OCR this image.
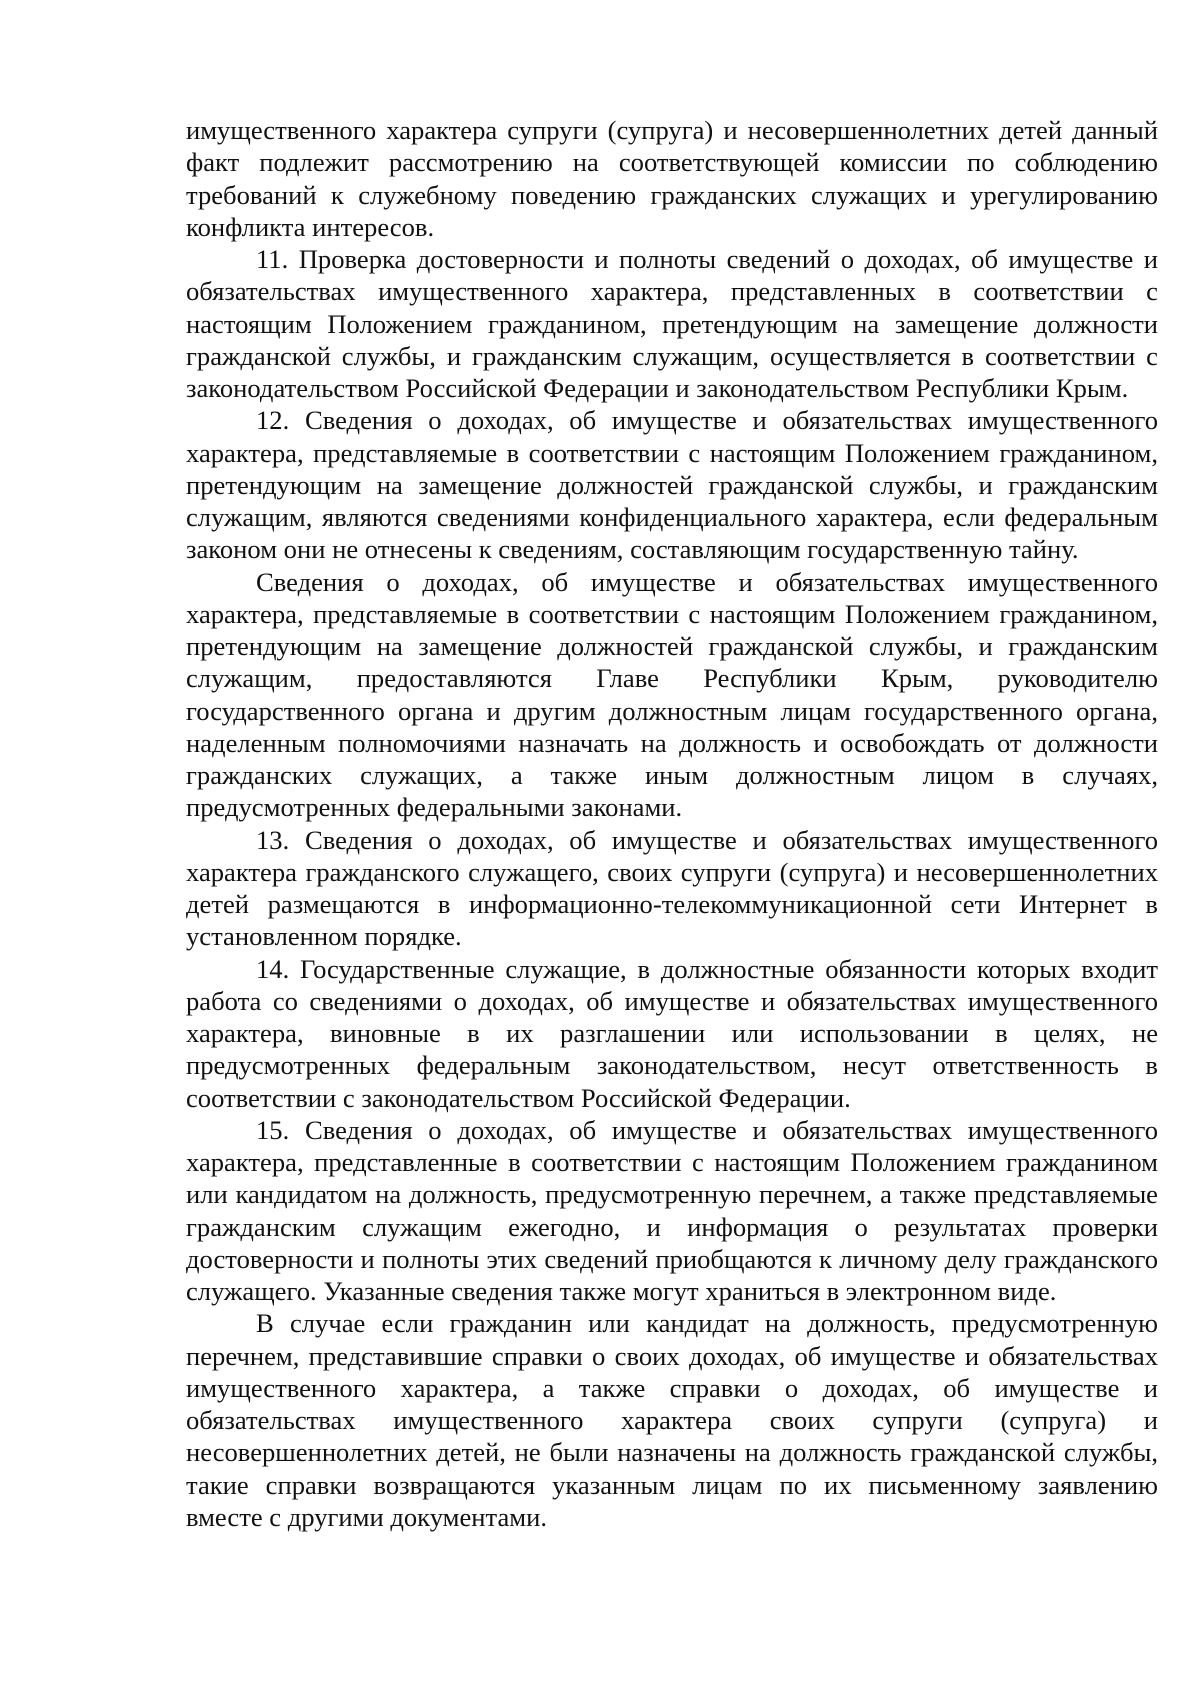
имущественного характера супруги (супруга) и несовершеннолетних детей данный факт подлежит рассмотрению на соответствующей комиссии по соблюдению требований к служебному поведению гражданских служащих и урегулированию конфликта интересов.

11. Проверка достоверности и полноты сведений о доходах, об имуществе и обязательствах имущественного характера, представленных в соответствии с настоящим Положением гражданином, претендующим на замещение должности гражданской службы, и гражданским служащим, осуществляется в соответствии с законодательством Российской Федерации и законодательством Республики Крым.

12. Сведения о доходах, об имуществе и обязательствах имущественного характера, представляемые в соответствии с настоящим Положением гражданином, претендующим на замещение должностей гражданской службы, и гражданским служащим, являются сведениями конфиденциального характера, если федеральным законом они не отнесены к сведениям, составляющим государственную тайну.

Сведения о доходах, об имуществе и обязательствах имущественного характера, представляемые в соответствии с настоящим Положением гражданином, претендующим на замещение должностей гражданской службы, и гражданским служащим, предоставляются Главе Республики Крым, руководителю государственного органа и другим должностным лицам государственного органа, наделенным полномочиями назначать на должность и освобождать от должности гражданских служащих, а также иным должностным лицом в случаях, предусмотренных федеральными законами.

13. Сведения о доходах, об имуществе и обязательствах имущественного характера гражданского служащего, своих супруги (супруга) и несовершеннолетних детей размещаются в информационно-телекоммуникационной сети Интернет в установленном порядке.

14. Государственные служащие, в должностные обязанности которых входит работа со сведениями о доходах, об имуществе и обязательствах имущественного характера, виновные в их разглашении или использовании в целях, не предусмотренных федеральным законодательством, несут ответственность в соответствии с законодательством Российской Федерации.

15. Сведения о доходах, об имуществе и обязательствах имущественного характера, представленные в соответствии с настоящим Положением гражданином или кандидатом на должность, предусмотренную перечнем, а также представляемые гражданским служащим ежегодно, и информация о результатах проверки достоверности и полноты этих сведений приобщаются к личному делу гражданского служащего. Указанные сведения также могут храниться в электронном виде.

В случае если гражданин или кандидат на должность, предусмотренную перечнем, представившие справки о своих доходах, об имуществе и обязательствах имущественного характера, а также справки о доходах, об имуществе и обязательствах имущественного характера своих супруги (супруга) и несовершеннолетних детей, не были назначены на должность гражданской службы, такие справки возвращаются указанным лицам по их письменному заявлению вместе с другими документами.
